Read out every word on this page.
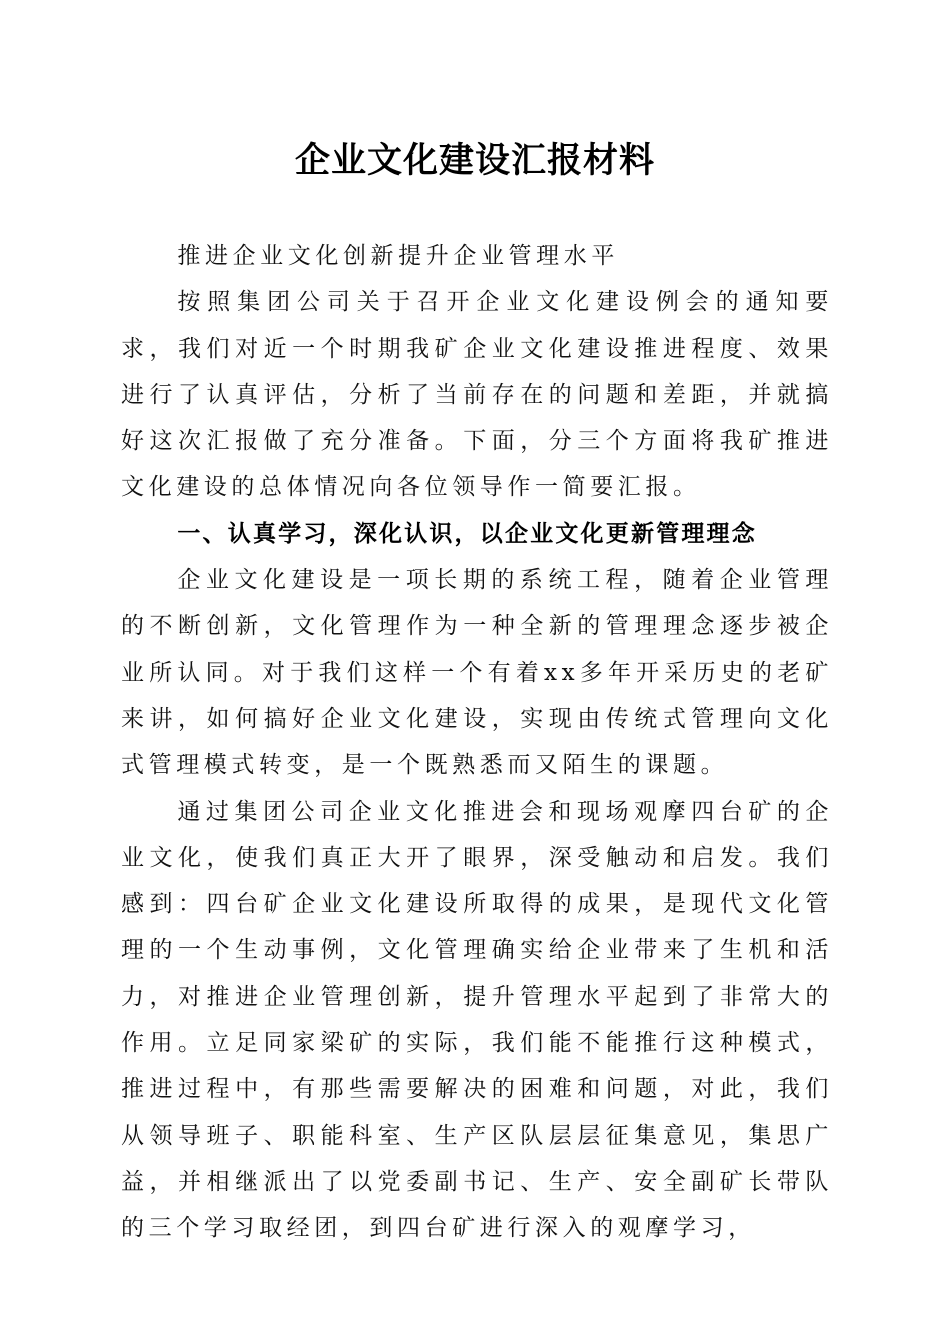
企业文化建设汇报材料

推进企业文化创新提升企业管理水平

按照集团公司关于召开企业文化建设例会的通知要求，我们对近一个时期我矿企业文化建设推进程度、效果进行了认真评估，分析了当前存在的问题和差距，并就搞好这次汇报做了充分准备。下面，分三个方面将我矿推进文化建设的总体情况向各位领导作一简要汇报。

一、认真学习，深化认识，以企业文化更新管理理念

企业文化建设是一项长期的系统工程，随着企业管理的不断创新，文化管理作为一种全新的管理理念逐步被企业所认同。对于我们这样一个有着xx多年开采历史的老矿来讲，如何搞好企业文化建设，实现由传统式管理向文化式管理模式转变，是一个既熟悉而又陌生的课题。

通过集团公司企业文化推进会和现场观摩四台矿的企业文化，使我们真正大开了眼界，深受触动和启发。我们感到：四台矿企业文化建设所取得的成果，是现代文化管理的一个生动事例，文化管理确实给企业带来了生机和活力，对推进企业管理创新，提升管理水平起到了非常大的作用。立足同家梁矿的实际，我们能不能推行这种模式，推进过程中，有那些需要解决的困难和问题，对此，我们从领导班子、职能科室、生产区队层层征集意见，集思广益，并相继派出了以党委副书记、生产、安全副矿长带队的三个学习取经团，到四台矿进行深入的观摩学习，
